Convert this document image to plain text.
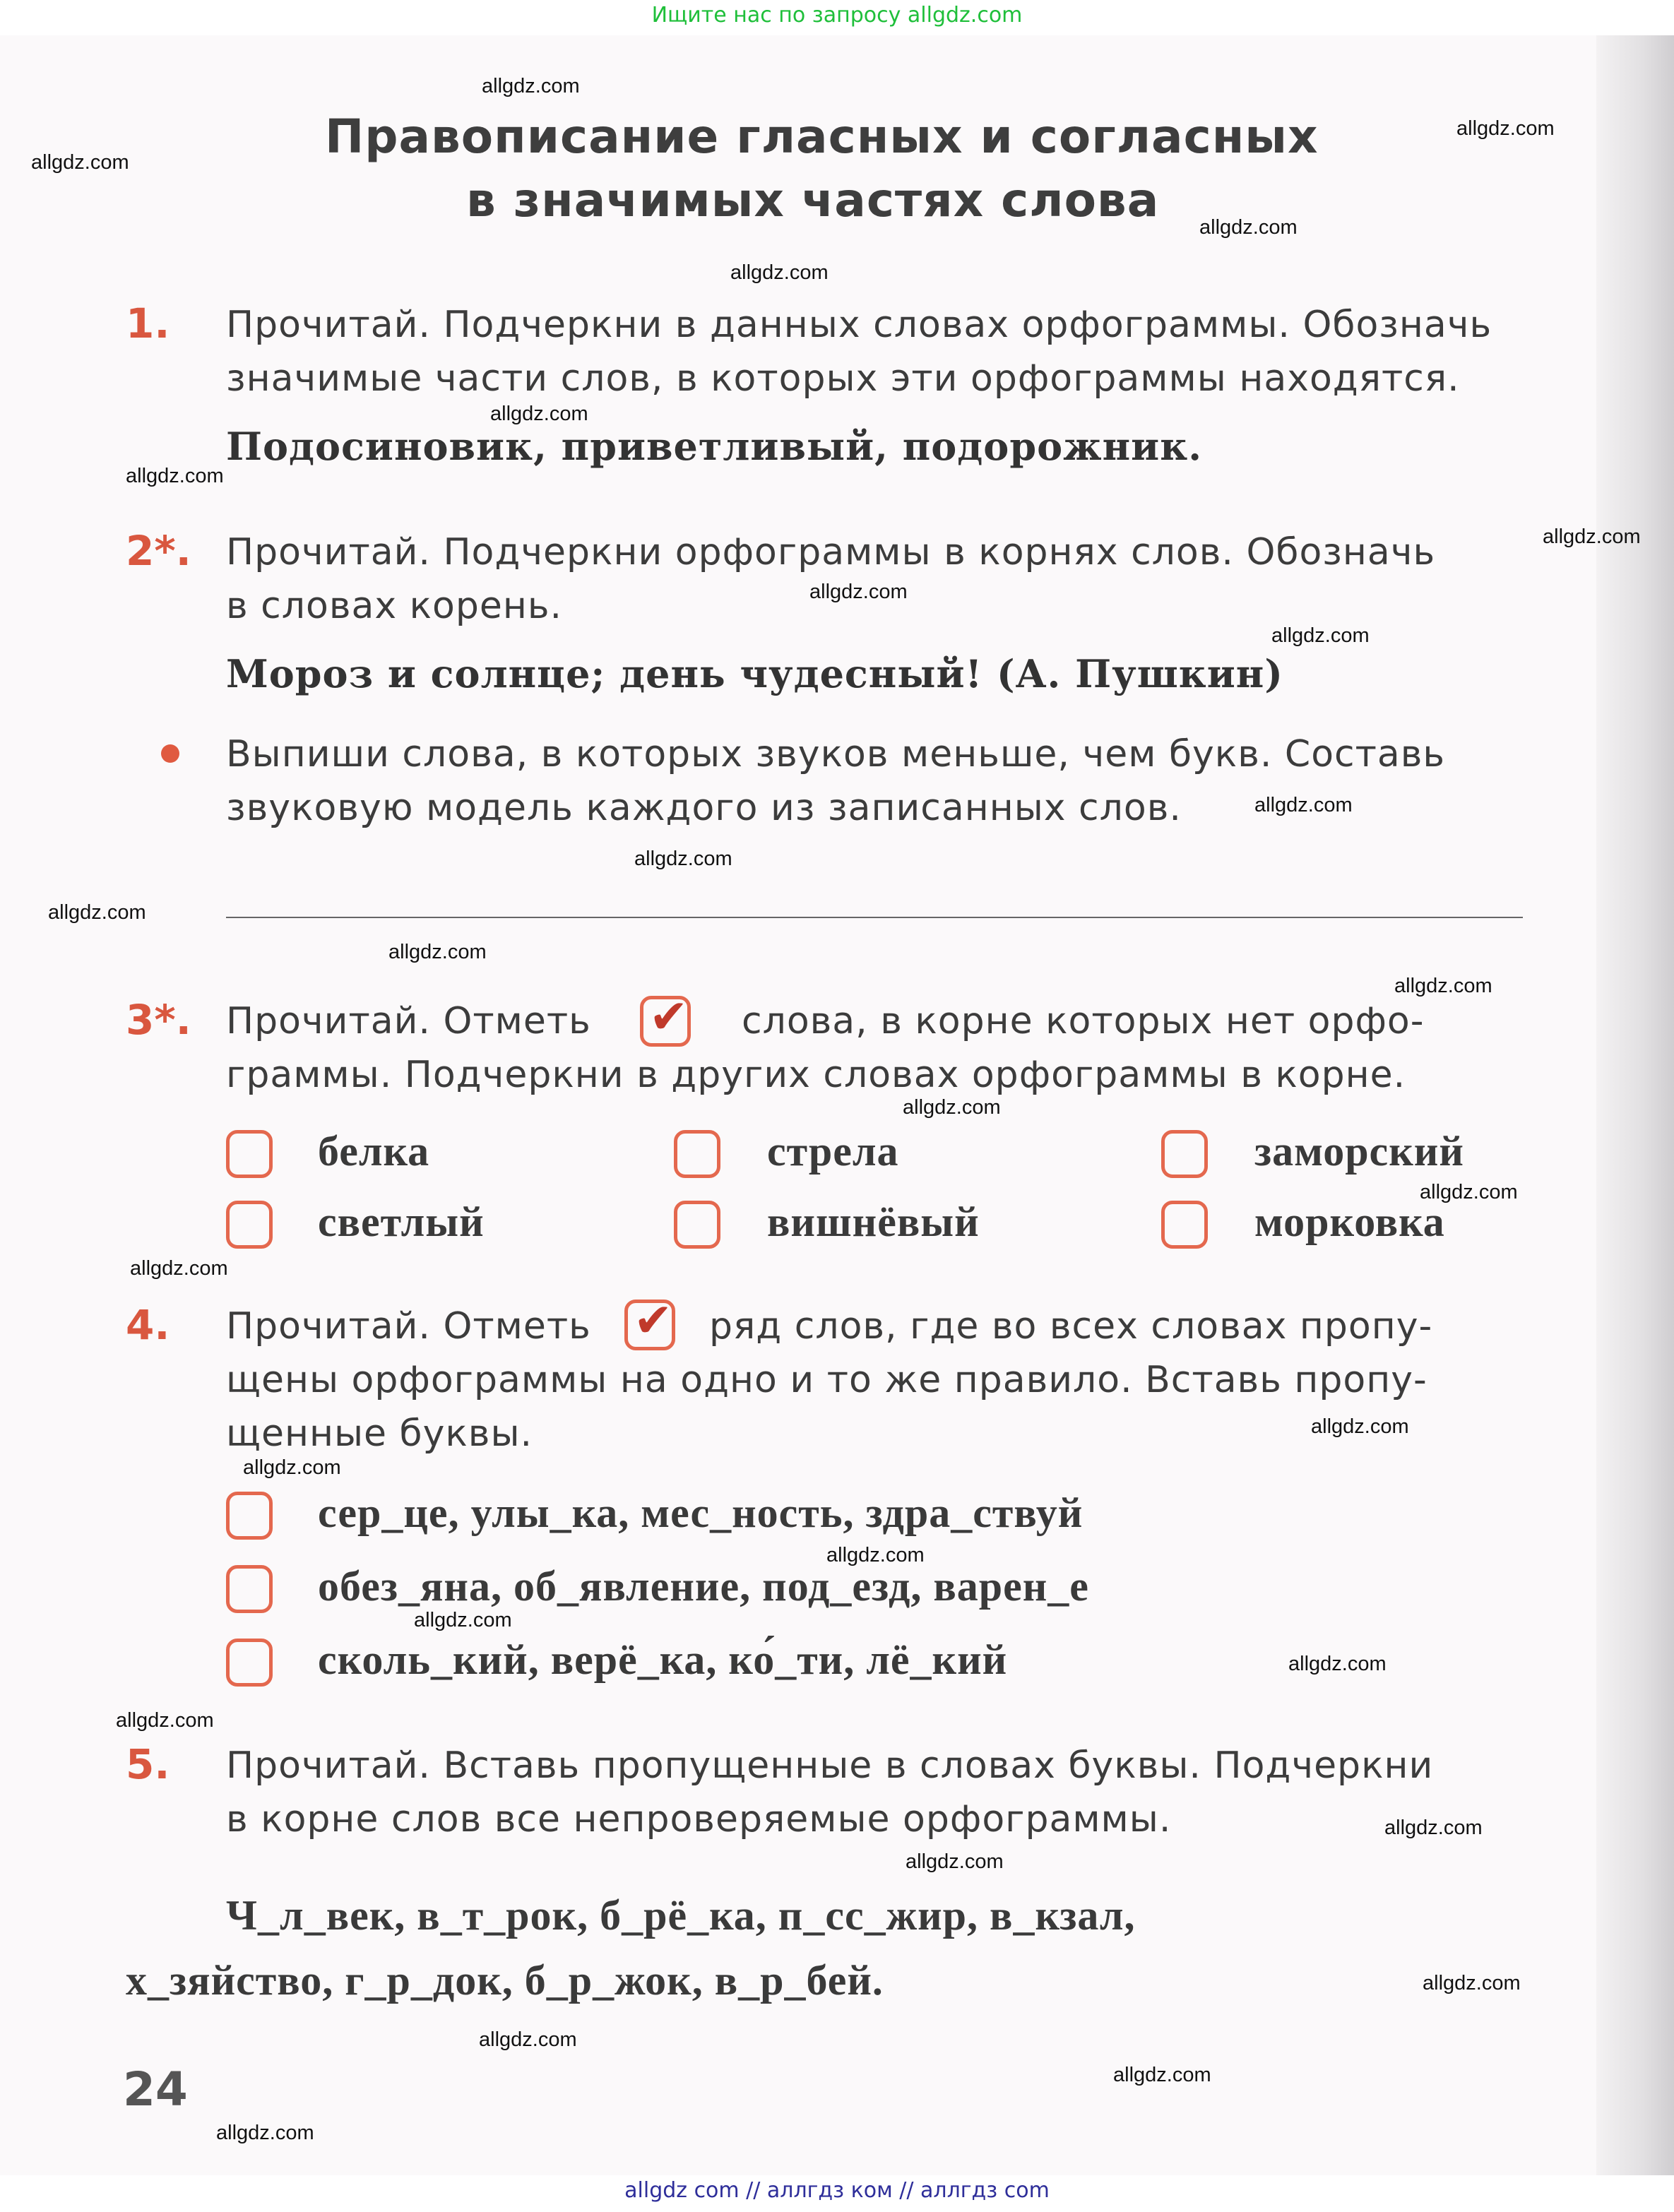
Ищите нас по запросу allgdz.com
Правописание гласных и согласных
в значимых частях слова
1. Прочитай. Подчеркни в данных словах орфограммы. Обозначь
значимые части слов, в которых эти орфограммы находятся.
Подосиновик, приветливый, подорожник.
2*. Прочитай. Подчеркни орфограммы в корнях слов. Обозначь
в словах корень.
Мороз и солнце; день чудесный! (А. Пушкин)
Выпиши слова, в которых звуков меньше, чем букв. Составь
звуковую модель каждого из записанных слов.
3*. Прочитай. Отметь ✔ слова, в корне которых нет орфо-
граммы. Подчеркни в других словах орфограммы в корне.
белка	стрела	заморский
светлый	вишнёвый	морковка
4. Прочитай. Отметь ✔ ряд слов, где во всех словах пропу-
щены орфограммы на одно и то же правило. Вставь пропу-
щенные буквы.
сер_це, улы_ка, мес_ность, здра_ствуй
обез_яна, об_явление, под_езд, варен_е
сколь_кий, верё_ка, ко́_ти, лё_кий
5. Прочитай. Вставь пропущенные в словах буквы. Подчеркни
в корне слов все непроверяемые орфограммы.
Ч_л_век, в_т_рок, б_рё_ка, п_сс_жир, в_кзал,
х_зяйство, г_р_док, б_р_жок, в_р_бей.
24
allgdz.com
allgdz.com
allgdz.com
allgdz.com
allgdz.com
allgdz.com
allgdz.com
allgdz.com
allgdz.com
allgdz.com
allgdz.com
allgdz.com
allgdz.com
allgdz.com
allgdz.com
allgdz.com
allgdz.com
allgdz.com
allgdz.com
allgdz.com
allgdz.com
allgdz.com
allgdz.com
allgdz.com
allgdz.com
allgdz.com
allgdz.com
allgdz.com
allgdz.com
allgdz.com
allgdz com // аллгдз ком // аллгдз com
